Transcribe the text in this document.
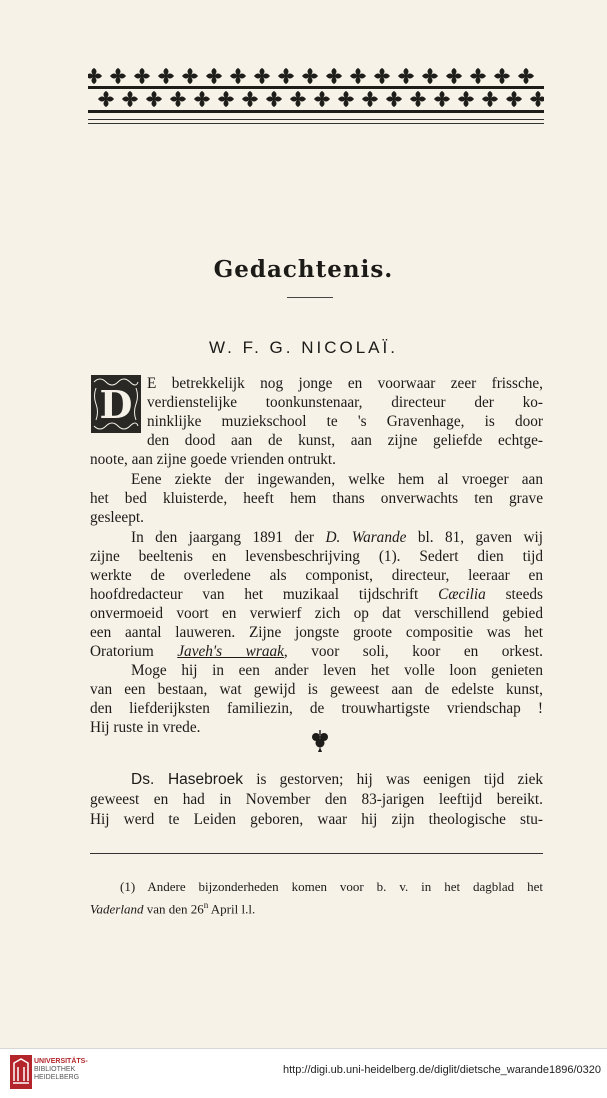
Gedachtenis.
W. F. G. NICOLAÏ.
D E betrekkelijk nog jonge en voorwaar zeer frissche,
verdienstelijke toonkunstenaar, directeur der ko-
ninklijke muziekschool te 's Gravenhage, is door
den dood aan de kunst, aan zijne geliefde echtge-
noote, aan zijne goede vrienden ontrukt.
Eene ziekte der ingewanden, welke hem al vroeger aan
het bed kluisterde, heeft hem thans onverwachts ten grave
gesleept.
In den jaargang 1891 der D. Warande bl. 81, gaven wij
zijne beeltenis en levensbeschrijving (1). Sedert dien tijd
werkte de overledene als componist, directeur, leeraar en
hoofdredacteur van het muzikaal tijdschrift Cæcilia steeds
onvermoeid voort en verwierf zich op dat verschillend gebied
een aantal lauweren. Zijne jongste groote compositie was het
Oratorium Javeh's wraak, voor soli, koor en orkest.
Moge hij in een ander leven het volle loon genieten
van een bestaan, wat gewijd is geweest aan de edelste kunst,
den liefderijksten familiezin, de trouwhartigste vriendschap !
Hij ruste in vrede.
Ds. Hasebroek is gestorven; hij was eenigen tijd ziek
geweest en had in November den 83-jarigen leeftijd bereikt.
Hij werd te Leiden geboren, waar hij zijn theologische stu-
(1) Andere bijzonderheden komen voor b. v. in het dagblad het
Vaderland van den 26$^n$ April l.l.
UNIVERSITÄTS-
BIBLIOTHEK
HEIDELBERG
http://digi.ub.uni-heidelberg.de/diglit/dietsche_warande1896/0320
